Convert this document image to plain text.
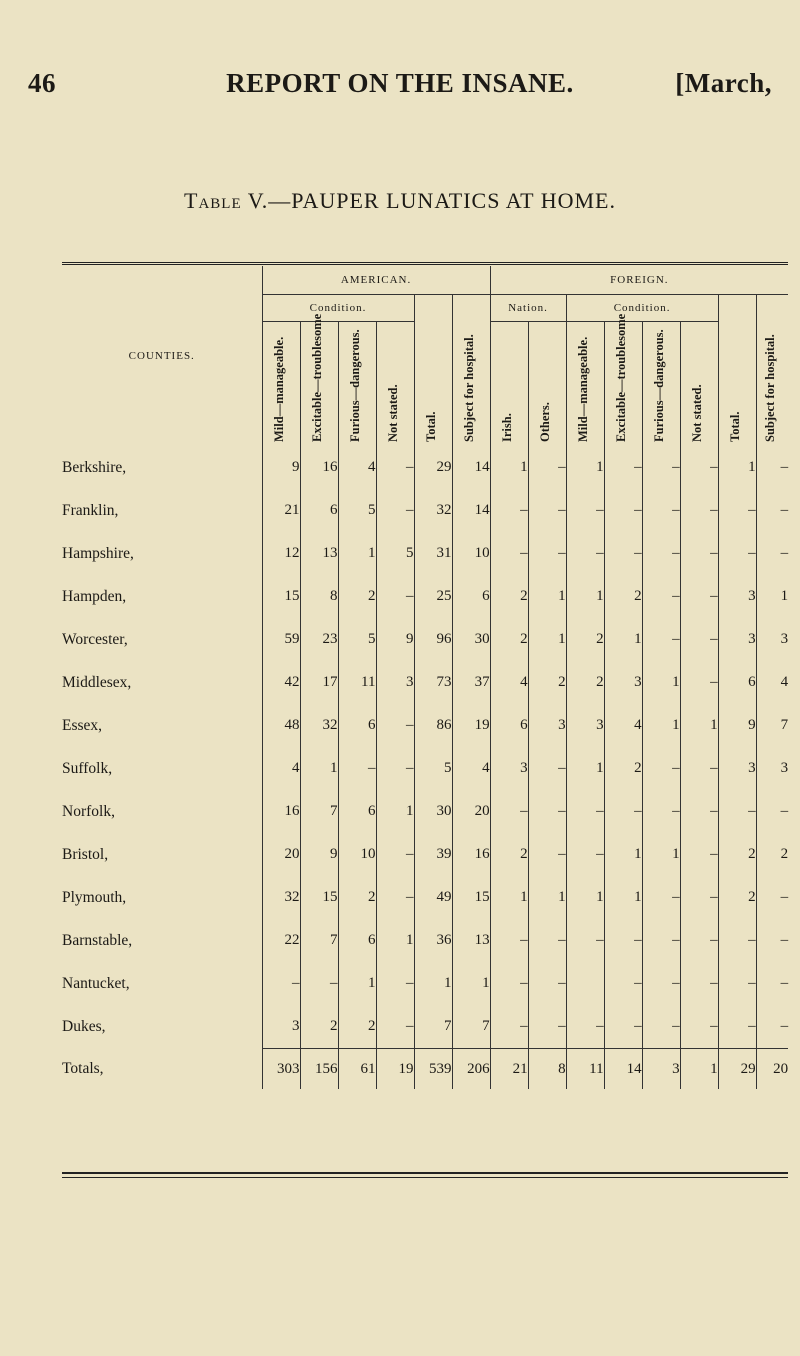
46	REPORT ON THE INSANE.	[March,
Table V.—PAUPER LUNATICS AT HOME.
COUNTIES.	AMERICAN.						FOREIGN.							
	Condition.				Total.	Subject for hospital.	Nation.		Condition.				Total.	Subject for hospital.

	Mild—manageable.	Excitable—troublesome	Furious—dangerous.	Not stated.			Irish.	Others.	Mild—manageable.	Excitable—troublesome	Furious—dangerous.	Not stated.		

Berkshire,	9	16	4	–	29	14	1	–	1	–	–	–	1	–
Franklin,	21	6	5	–	32	14	–	–	–	–	–	–	–	–
Hampshire,	12	13	1	5	31	10	–	–	–	–	–	–	–	–
Hampden,	15	8	2	–	25	6	2	1	1	2	–	–	3	1
Worcester,	59	23	5	9	96	30	2	1	2	1	–	–	3	3
Middlesex,	42	17	11	3	73	37	4	2	2	3	1	–	6	4
Essex,	48	32	6	–	86	19	6	3	3	4	1	1	9	7
Suffolk,	4	1	–	–	5	4	3	–	1	2	–	–	3	3
Norfolk,	16	7	6	1	30	20	–	–	–	–	–	–	–	–
Bristol,	20	9	10	–	39	16	2	–	–	1	1	–	2	2
Plymouth,	32	15	2	–	49	15	1	1	1	1	–	–	2	–
Barnstable,	22	7	6	1	36	13	–	–	–	–	–	–	–	–
Nantucket,	–	–	1	–	1	1	–	–		–	–	–	–	–
Dukes,	3	2	2	–	7	7	–	–	–	–	–	–	–	–
Totals,	303	156	61	19	539	206	21	8	11	14	3	1	29	20
